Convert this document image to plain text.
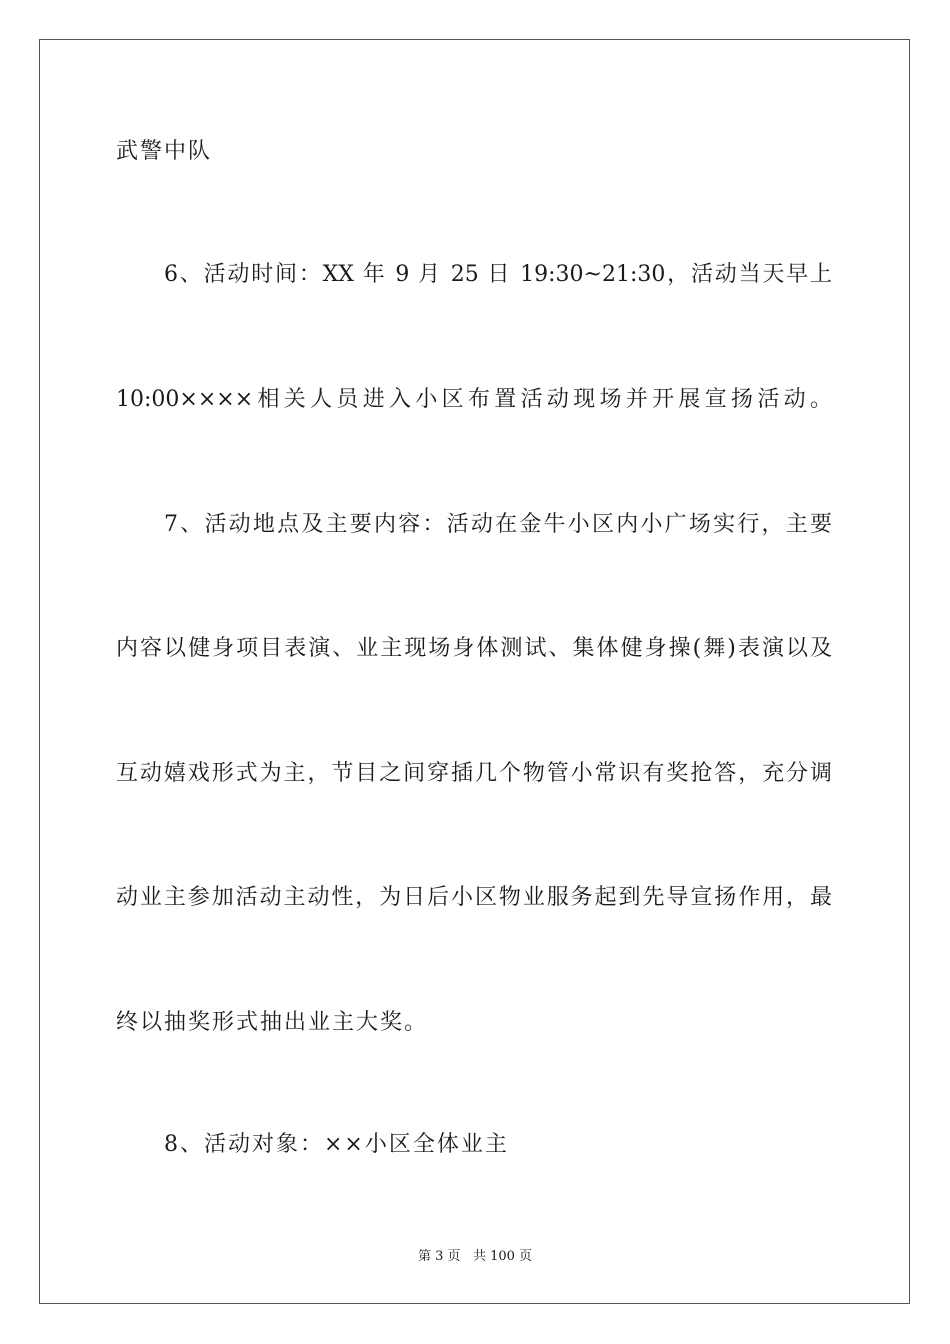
武警中队
6、活动时间：XX 年 9 月 25 日 19:30~21:30，活动当天早上
10:00××××相关人员进入小区布置活动现场并开展宣扬活动。
7、活动地点及主要内容：活动在金牛小区内小广场实行，主要
内容以健身项目表演、业主现场身体测试、集体健身操(舞)表演以及
互动嬉戏形式为主，节目之间穿插几个物管小常识有奖抢答，充分调
动业主参加活动主动性，为日后小区物业服务起到先导宣扬作用，最
终以抽奖形式抽出业主大奖。
8、活动对象：××小区全体业主
第 3 页 共 100 页
